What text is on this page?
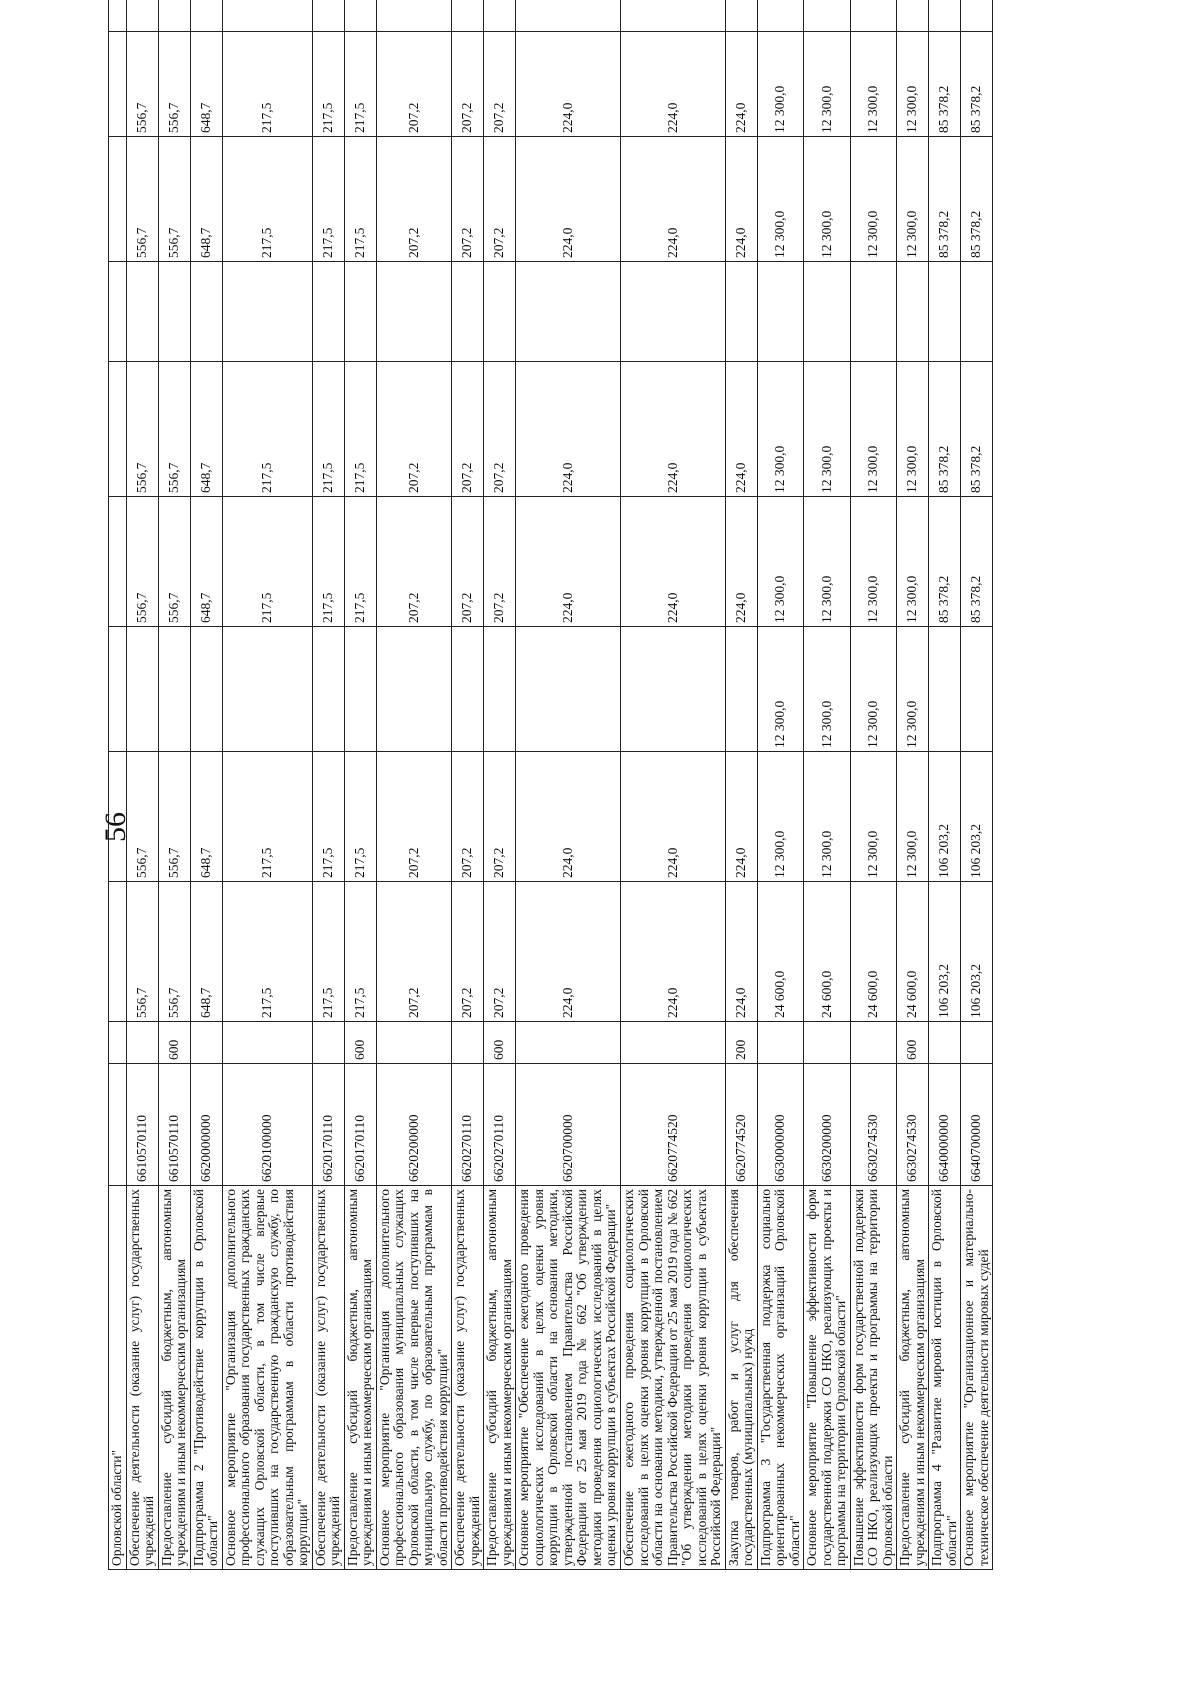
56
Орловской области"											
Обеспечение деятельности (оказание услуг) государственных учреждений	6610570110		556,7	556,7		556,7	556,7		556,7	556,7	
Предоставление субсидий бюджетным, автономным учреждениям и иным некоммерческим организациям	6610570110	600	556,7	556,7		556,7	556,7		556,7	556,7	
Подпрограмма 2 "Противодействие коррупции в Орловской области"	6620000000		648,7	648,7		648,7	648,7		648,7	648,7	
Основное мероприятие "Организация дополнительного профессионального образования государственных гражданских служащих Орловской области, в том числе впервые поступивших на государственную гражданскую службу, по образовательным программам в области противодействия коррупции"	6620100000		217,5	217,5		217,5	217,5		217,5	217,5	
Обеспечение деятельности (оказание услуг) государственных учреждений	6620170110		217,5	217,5		217,5	217,5		217,5	217,5	
Предоставление субсидий бюджетным, автономным учреждениям и иным некоммерческим организациям	6620170110	600	217,5	217,5		217,5	217,5		217,5	217,5	
Основное мероприятие "Организация дополнительного профессионального образования муниципальных служащих Орловской области, в том числе впервые поступивших на муниципальную службу, по образовательным программам в области противодействия коррупции"	6620200000		207,2	207,2		207,2	207,2		207,2	207,2	
Обеспечение деятельности (оказание услуг) государственных учреждений	6620270110		207,2	207,2		207,2	207,2		207,2	207,2	
Предоставление субсидий бюджетным, автономным учреждениям и иным некоммерческим организациям	6620270110	600	207,2	207,2		207,2	207,2		207,2	207,2	
Основное мероприятие "Обеспечение ежегодного проведения социологических исследований в целях оценки уровня коррупции в Орловской области на основании методики, утвержденной постановлением Правительства Российской Федерации от 25 мая 2019 года № 662 "Об утверждении методики проведения социологических исследований в целях оценки уровня коррупции в субъектах Российской Федерации"	6620700000		224,0	224,0		224,0	224,0		224,0	224,0	
Обеспечение ежегодного проведения социологических исследований в целях оценки уровня коррупции в Орловской области на основании методики, утвержденной постановлением Правительства Российской Федерации от 25 мая 2019 года № 662 "Об утверждении методики проведения социологических исследований в целях оценки уровня коррупции в субъектах Российской Федерации"	6620774520		224,0	224,0		224,0	224,0		224,0	224,0	
Закупка товаров, работ и услуг для обеспечения государственных (муниципальных) нужд	6620774520	200	224,0	224,0		224,0	224,0		224,0	224,0	
Подпрограмма 3 "Государственная поддержка социально ориентированных некоммерческих организаций Орловской области"	6630000000		24 600,0	12 300,0	12 300,0	12 300,0	12 300,0		12 300,0	12 300,0	
Основное мероприятие "Повышение эффективности форм государственной поддержки СО НКО, реализующих проекты и программы на территории Орловской области"	6630200000		24 600,0	12 300,0	12 300,0	12 300,0	12 300,0		12 300,0	12 300,0	
Повышение эффективности форм государственной поддержки СО НКО, реализующих проекты и программы на территории Орловской области	6630274530		24 600,0	12 300,0	12 300,0	12 300,0	12 300,0		12 300,0	12 300,0	
Предоставление субсидий бюджетным, автономным учреждениям и иным некоммерческим организациям	6630274530	600	24 600,0	12 300,0	12 300,0	12 300,0	12 300,0		12 300,0	12 300,0	
Подпрограмма 4 "Развитие мировой юстиции в Орловской области"	6640000000		106 203,2	106 203,2		85 378,2	85 378,2		85 378,2	85 378,2	
Основное мероприятие "Организационное и материально-техническое обеспечение деятельности мировых судей	6640700000		106 203,2	106 203,2		85 378,2	85 378,2		85 378,2	85 378,2	
